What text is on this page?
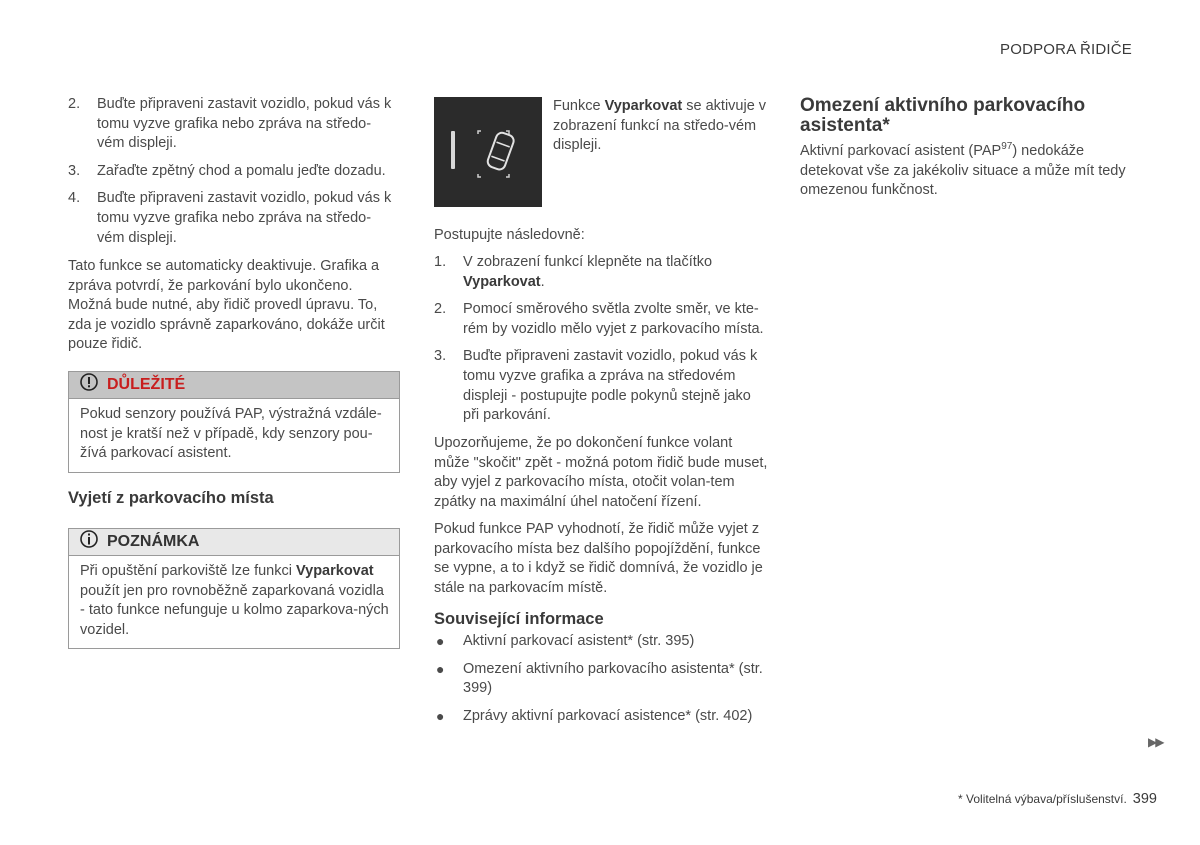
PODPORA ŘIDIČE
2. Buďte připraveni zastavit vozidlo, pokud vás k tomu vyzve grafika nebo zpráva na středo-vém displeji.
3. Zařaďte zpětný chod a pomalu jeďte dozadu.
4. Buďte připraveni zastavit vozidlo, pokud vás k tomu vyzve grafika nebo zpráva na středo-vém displeji.

Tato funkce se automaticky deaktivuje. Grafika a zpráva potvrdí, že parkování bylo ukončeno. Možná bude nutné, aby řidič provedl úpravu. To, zda je vozidlo správně zaparkováno, dokáže určit pouze řidič.

DŮLEŽITÉ
Pokud senzory používá PAP, výstražná vzdále-nost je kratší než v případě, kdy senzory pou-žívá parkovací asistent.
Vyjetí z parkovacího místa
POZNÁMKA
Při opuštění parkoviště lze funkci Vyparkovat použít jen pro rovnoběžně zaparkovaná vozidla - tato funkce nefunguje u kolmo zaparkova-ných vozidel.

Funkce Vyparkovat se aktivuje v zobrazení funkcí na středo-vém displeji.

Postupujte následovně:

1. V zobrazení funkcí klepněte na tlačítko Vyparkovat.
2. Pomocí směrového světla zvolte směr, ve kte-rém by vozidlo mělo vyjet z parkovacího místa.
3. Buďte připraveni zastavit vozidlo, pokud vás k tomu vyzve grafika a zpráva na středovém displeji - postupujte podle pokynů stejně jako při parkování.

Upozorňujeme, že po dokončení funkce volant může "skočit" zpět - možná potom řidič bude muset, aby vyjel z parkovacího místa, otočit volan-tem zpátky na maximální úhel natočení řízení.

Pokud funkce PAP vyhodnotí, že řidič může vyjet z parkovacího místa bez dalšího popojíždění, funkce se vypne, a to i když se řidič domnívá, že vozidlo je stále na parkovacím místě.

Související informace
● Aktivní parkovací asistent* (str. 395)
● Omezení aktivního parkovacího asistenta* (str. 399)
● Zprávy aktivní parkovací asistence* (str. 402)
Omezení aktivního parkovacího asistenta*

Aktivní parkovací asistent (PAP$^{97}$) nedokáže detekovat vše za jakékoliv situace a může mít tedy omezenou funkčnost.

▶▶
* Volitelná výbava/příslušenství. 399
